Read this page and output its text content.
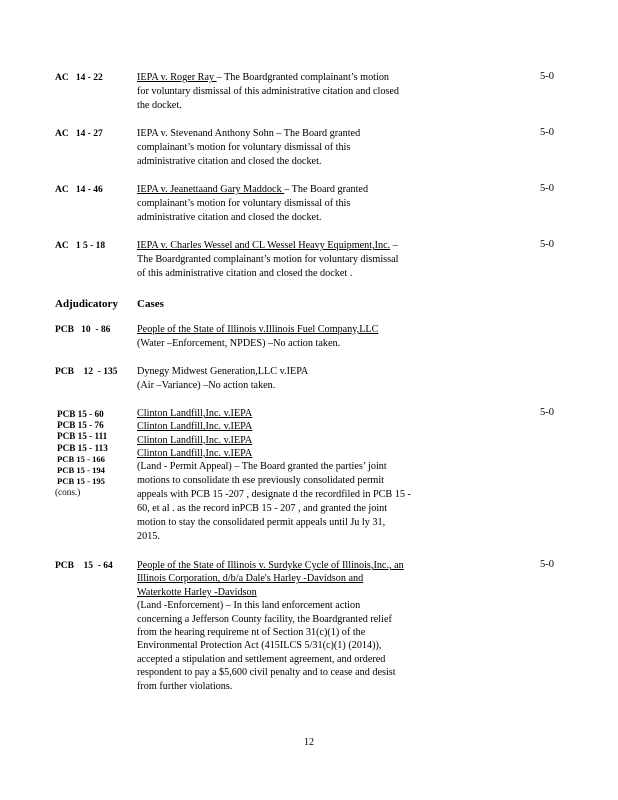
AC   14 - 22	IEPA v. Roger Ray – The Boardgranted complainant’s motion
for voluntary dismissal of this administrative citation and closed
the docket.
5-0
AC   14 - 27	IEPA v. Stevenand Anthony Sohn – The Board granted
complainant’s motion for voluntary dismissal of this
administrative citation and closed the docket.
5-0
AC   14 - 46	IEPA v. Jeanettaand Gary Maddock – The Board granted
complainant’s motion for voluntary dismissal of this
administrative citation and closed the docket.
5-0
AC   1 5 - 18	IEPA v. Charles Wessel and CL Wessel Heavy Equipment,Inc. –
The Boardgranted complainant’s motion for voluntary dismissal
of this administrative citation and closed the docket .
5-0
Adjudicatory Cases
PCB   10  - 86	People of the State of Illinois v.Illinois Fuel Company,LLC
(Water –Enforcement, NPDES) –No action taken.
PCB    12  - 135 Dynegy Midwest Generation,LLC v.IEPA
(Air –Variance) –No action taken.
PCB 15 - 60
PCB 15 - 76
PCB 15 - 111
PCB 15 - 113
PCB 15 - 166
PCB 15 - 194
PCB 15 - 195
(cons.)
Clinton Landfill,Inc. v.IEPA
Clinton Landfill,Inc. v.IEPA
Clinton Landfill,Inc. v.IEPA
Clinton Landfill,Inc. v.IEPA
(Land - Permit Appeal) – The Board granted the parties’ joint
motions to consolidate th ese previously consolidated permit
appeals with PCB 15 -207 , designate d the recordfiled in PCB 15 -
60, et al . as the record inPCB 15 - 207 , and granted the joint
motion to stay the consolidated permit appeals until Ju ly 31,
2015.
5-0
PCB    15  - 64 People of the State of Illinois v. Surdyke Cycle of Illinois,Inc., an
Illinois Corporation, d/b/a Dale's Harley -Davidson and
Waterkotte Harley -Davidson
(Land -Enforcement) – In this land enforcement action
concerning a Jefferson County facility, the Boardgranted relief
from the hearing requireme nt of Section 31(c)(1) of the
Environmental Protection Act (415ILCS 5/31(c)(1) (2014)),
accepted a stipulation and settlement agreement, and ordered
respondent to pay a $5,600 civil penalty and to cease and desist
from further violations.
5-0
12
